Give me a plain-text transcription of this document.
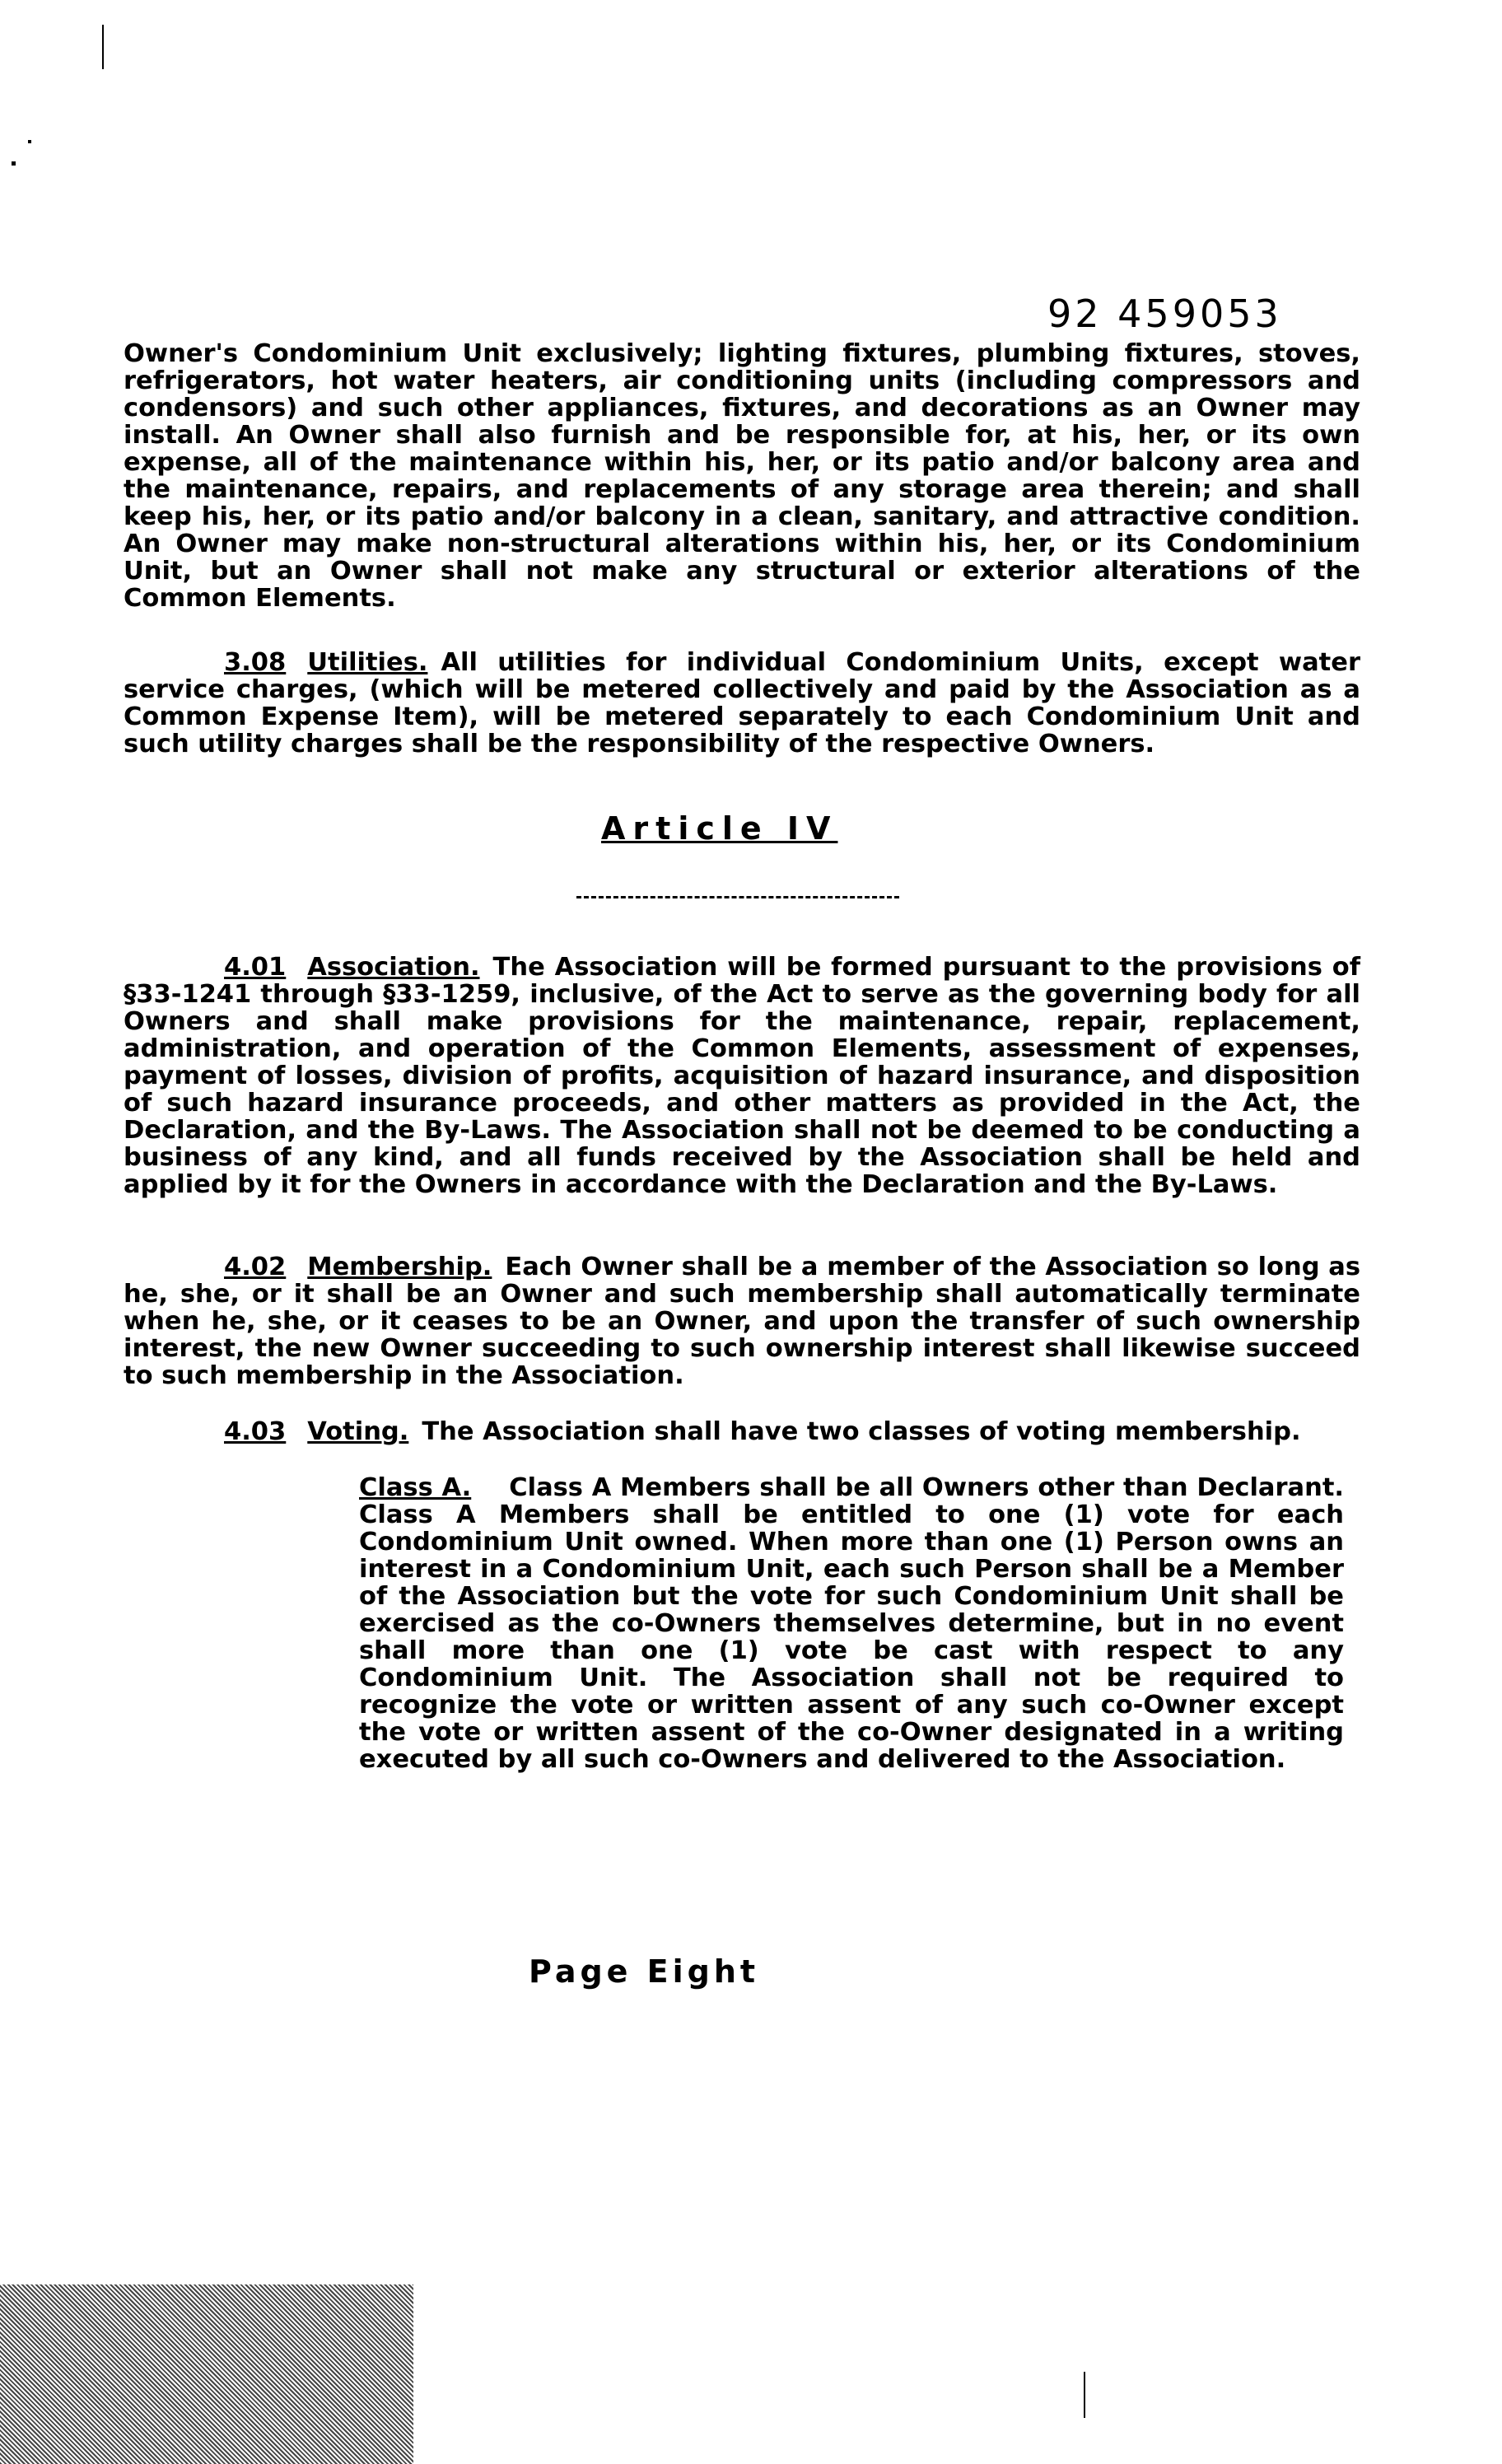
92 459053

Owner's Condominium Unit exclusively; lighting fixtures, plumbing fixtures, stoves, refrigerators, hot water heaters, air conditioning units (including compressors and condensors) and such other appliances, fixtures, and decorations as an Owner may install. An Owner shall also furnish and be responsible for, at his, her, or its own expense, all of the maintenance within his, her, or its patio and/or balcony area and the maintenance, repairs, and replacements of any storage area therein; and shall keep his, her, or its patio and/or balcony in a clean, sanitary, and attractive condition. An Owner may make non-structural alterations within his, her, or its Condominium Unit, but an Owner shall not make any structural or exterior alterations of the Common Elements.

3.08 Utilities. All utilities for individual Condominium Units, except water service charges, (which will be metered collectively and paid by the Association as a Common Expense Item), will be metered separately to each Condominium Unit and such utility charges shall be the responsibility of the respective Owners.

Article IV

4.01 Association. The Association will be formed pursuant to the provisions of §33-1241 through §33-1259, inclusive, of the Act to serve as the governing body for all Owners and shall make provisions for the maintenance, repair, replacement, administration, and operation of the Common Elements, assessment of expenses, payment of losses, division of profits, acquisition of hazard insurance, and disposition of such hazard insurance proceeds, and other matters as provided in the Act, the Declaration, and the By-Laws. The Association shall not be deemed to be conducting a business of any kind, and all funds received by the Association shall be held and applied by it for the Owners in accordance with the Declaration and the By-Laws.

4.02 Membership. Each Owner shall be a member of the Association so long as he, she, or it shall be an Owner and such membership shall automatically terminate when he, she, or it ceases to be an Owner, and upon the transfer of such ownership interest, the new Owner succeeding to such ownership interest shall likewise succeed to such membership in the Association.

4.03 Voting. The Association shall have two classes of voting membership.

Class A. Class A Members shall be all Owners other than Declarant. Class A Members shall be entitled to one (1) vote for each Condominium Unit owned. When more than one (1) Person owns an interest in a Condominium Unit, each such Person shall be a Member of the Association but the vote for such Condominium Unit shall be exercised as the co-Owners themselves determine, but in no event shall more than one (1) vote be cast with respect to any Condominium Unit. The Association shall not be required to recognize the vote or written assent of any such co-Owner except the vote or written assent of the co-Owner designated in a writing executed by all such co-Owners and delivered to the Association.

Page Eight
